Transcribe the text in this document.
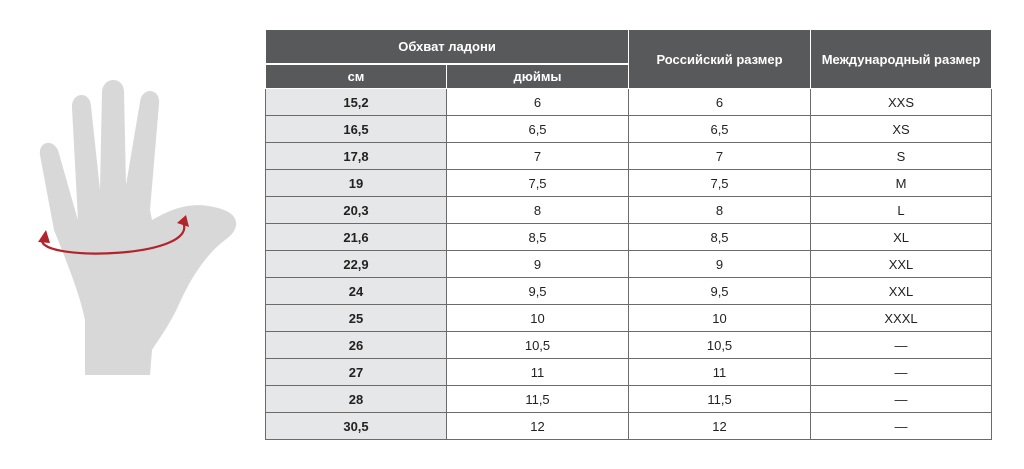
Обхват ладони		Российский размер	Международный размер
см	дюймы		
15,2	6	6	XXS
16,5	6,5	6,5	XS
17,8	7	7	S
19	7,5	7,5	M
20,3	8	8	L
21,6	8,5	8,5	XL
22,9	9	9	XXL
24	9,5	9,5	XXL
25	10	10	XXXL
26	10,5	10,5	—
27	11	11	—
28	11,5	11,5	—
30,5	12	12	—
